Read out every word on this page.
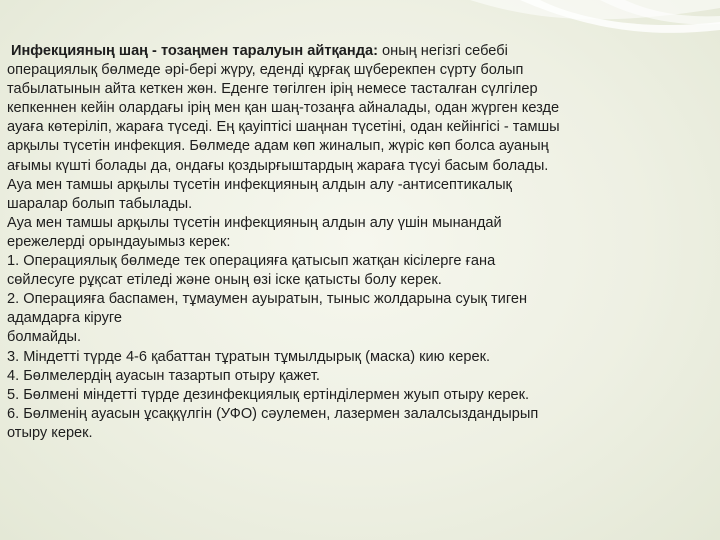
Инфекцияның шаң - тозаңмен таралуын айтқанда: оның негізгі себебі
операциялық бөлмеде әрі-бері жүру, едендi құрғақ шүберекпен сүрту болып
табылатынын айта кеткен жөн. Еденге төгілген ірің немесе тасталған сүлгілер
кепкеннен кейін олардағы ірің мен қан шаң-тозаңға айналады, одан жүрген кезде
ауаға көтеріліп, жараға түседі. Ең қауіптісі шаңнан түсетіні, одан кейінгісі - тамшы
арқылы түсетін инфекция. Бөлмеде адам көп жиналып, жүріс көп болса ауаның
ағымы күшті болады да, ондағы қоздырғыштардың жараға түсуі басым болады.
Ауа мен тамшы арқылы түсетін инфекцияның алдын алу -антисептикалық
шаралар болып табылады.
Ауа мен тамшы арқылы түсетін инфекцияның алдын алу үшін мынандай
ережелерді орындауымыз керек:
1. Операциялық бөлмеде тек операцияға қатысып жатқан кісілерге ғана
сөйлесуге рұқсат етіледі және оның өзі іске қатысты болу керек.
2. Операцияға баспамен, тұмаумен ауыратын, тыныс жолдарына суық тиген
адамдарға кіруге
болмайды.
3. Міндетті түрде 4-6 қабаттан тұратын тұмылдырық (маска) кию керек.
4. Бөлмелердің ауасын тазартып отыру қажет.
5. Бөлмені міндетті түрде дезинфекциялық ертінділермен жуып отыру керек.
6. Бөлменің ауасын ұсаққүлгін (УФО) сәулемен, лазермен залалсыздандырып
отыру керек.
